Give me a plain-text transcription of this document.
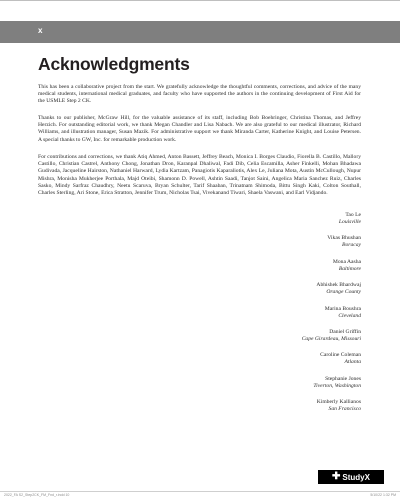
x
Acknowledgments

This has been a collaborative project from the start. We gratefully acknowledge the thoughtful comments, corrections, and advice of the many medical students, international medical graduates, and faculty who have supported the authors in the continuing development of First Aid for the USMLE Step 2 CK.

Thanks to our publisher, McGraw Hill, for the valuable assistance of its staff, including Bob Boehringer, Christina Thomas, and Jeffrey Herzich. For outstanding editorial work, we thank Megan Chandler and Lisa Nabach. We are also grateful to our medical illustrator, Richard Williams, and illustration manager, Susan Mazik. For administrative support we thank Miranda Carter, Katherine Knight, and Louise Petersen. A special thanks to GW, Inc. for remarkable production work.

For contributions and corrections, we thank Atiq Ahmed, Anton Bassett, Jeffrey Beach, Monica I. Borges Claudio, Fiorella B. Castillo, Mallory Castillo, Christian Castrel, Anthony Chong, Jonathan Dron, Karanpal Dhaliwal, Fadi Dib, Celia Escamilla, Asher Finkelli, Mohan Bhadawa Gudivada, Jacqueline Hairston, Nathaniel Harward, Lydia Kartzam, Panagiotis Kaparaliotis, Alex Le, Juliana Mota, Austin McCullough, Nupur Mishra, Monisha Mukherjee Porthala, Majd Oteibi, Shamonn D. Powell, Ashtin Saadi, Tanjot Saini, Angelica Maria Sanchez Ruiz, Charles Sasko, Mindy Sarfraz Chaudhry, Neetu Scaruva, Bryan Schulter, Tarif Shaaban, Trinatnam Shimoda, Bittu Singh Kaki, Colton Southall, Charles Sterling, Ari Stone, Erica Stratton, Jennifer Trum, Nicholas Tsai, Vivekanand Tiwari, Shaela Vaswani, and Earl Vidjando.

Tao Le
Louisville
Vikas Bhushan
Boracay
Mona Aasha
Baltimore
Abhishek Bhardwaj
Orange County
Marina Boushra
Cleveland
Daniel Griffin
Cape Girardeau, Missouri
Caroline Coleman
Atlanta
Stephanie Jones
Tiverton, Washington
Kimberly Kallianos
San Francisco
✚ StudyX
2022_FA S2_Step2CK_FM_Fnd_r.indd 10	5/10/22 1:32 PM
